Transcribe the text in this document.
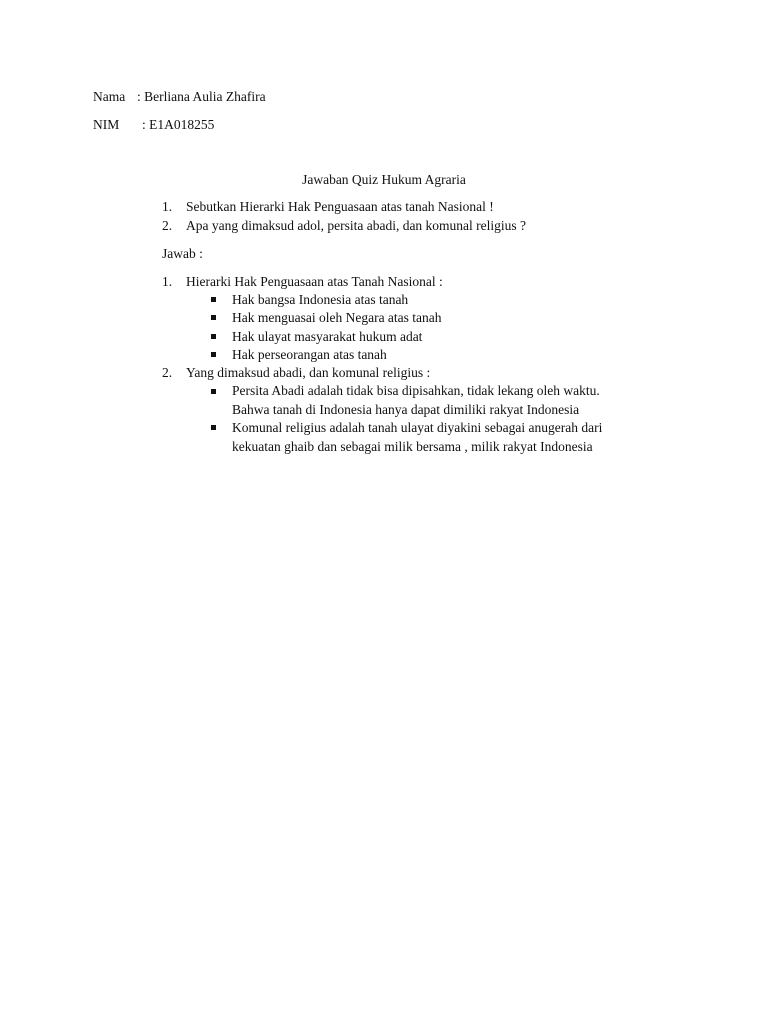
Nama : Berliana Aulia Zhafira
NIM : E1A018255
Jawaban Quiz Hukum Agraria
1. Sebutkan Hierarki Hak Penguasaan atas tanah Nasional !
2. Apa yang dimaksud adol, persita abadi, dan komunal religius ?
Jawab :
1. Hierarki Hak Penguasaan atas Tanah Nasional :
Hak bangsa Indonesia atas tanah
Hak menguasai oleh Negara atas tanah
Hak ulayat masyarakat hukum adat
Hak perseorangan atas tanah
2. Yang dimaksud abadi, dan komunal religius :
Persita Abadi adalah tidak bisa dipisahkan, tidak lekang oleh waktu.
Bahwa tanah di Indonesia hanya dapat dimiliki rakyat Indonesia
Komunal religius adalah tanah ulayat diyakini sebagai anugerah dari
kekuatan ghaib dan sebagai milik bersama , milik rakyat Indonesia
